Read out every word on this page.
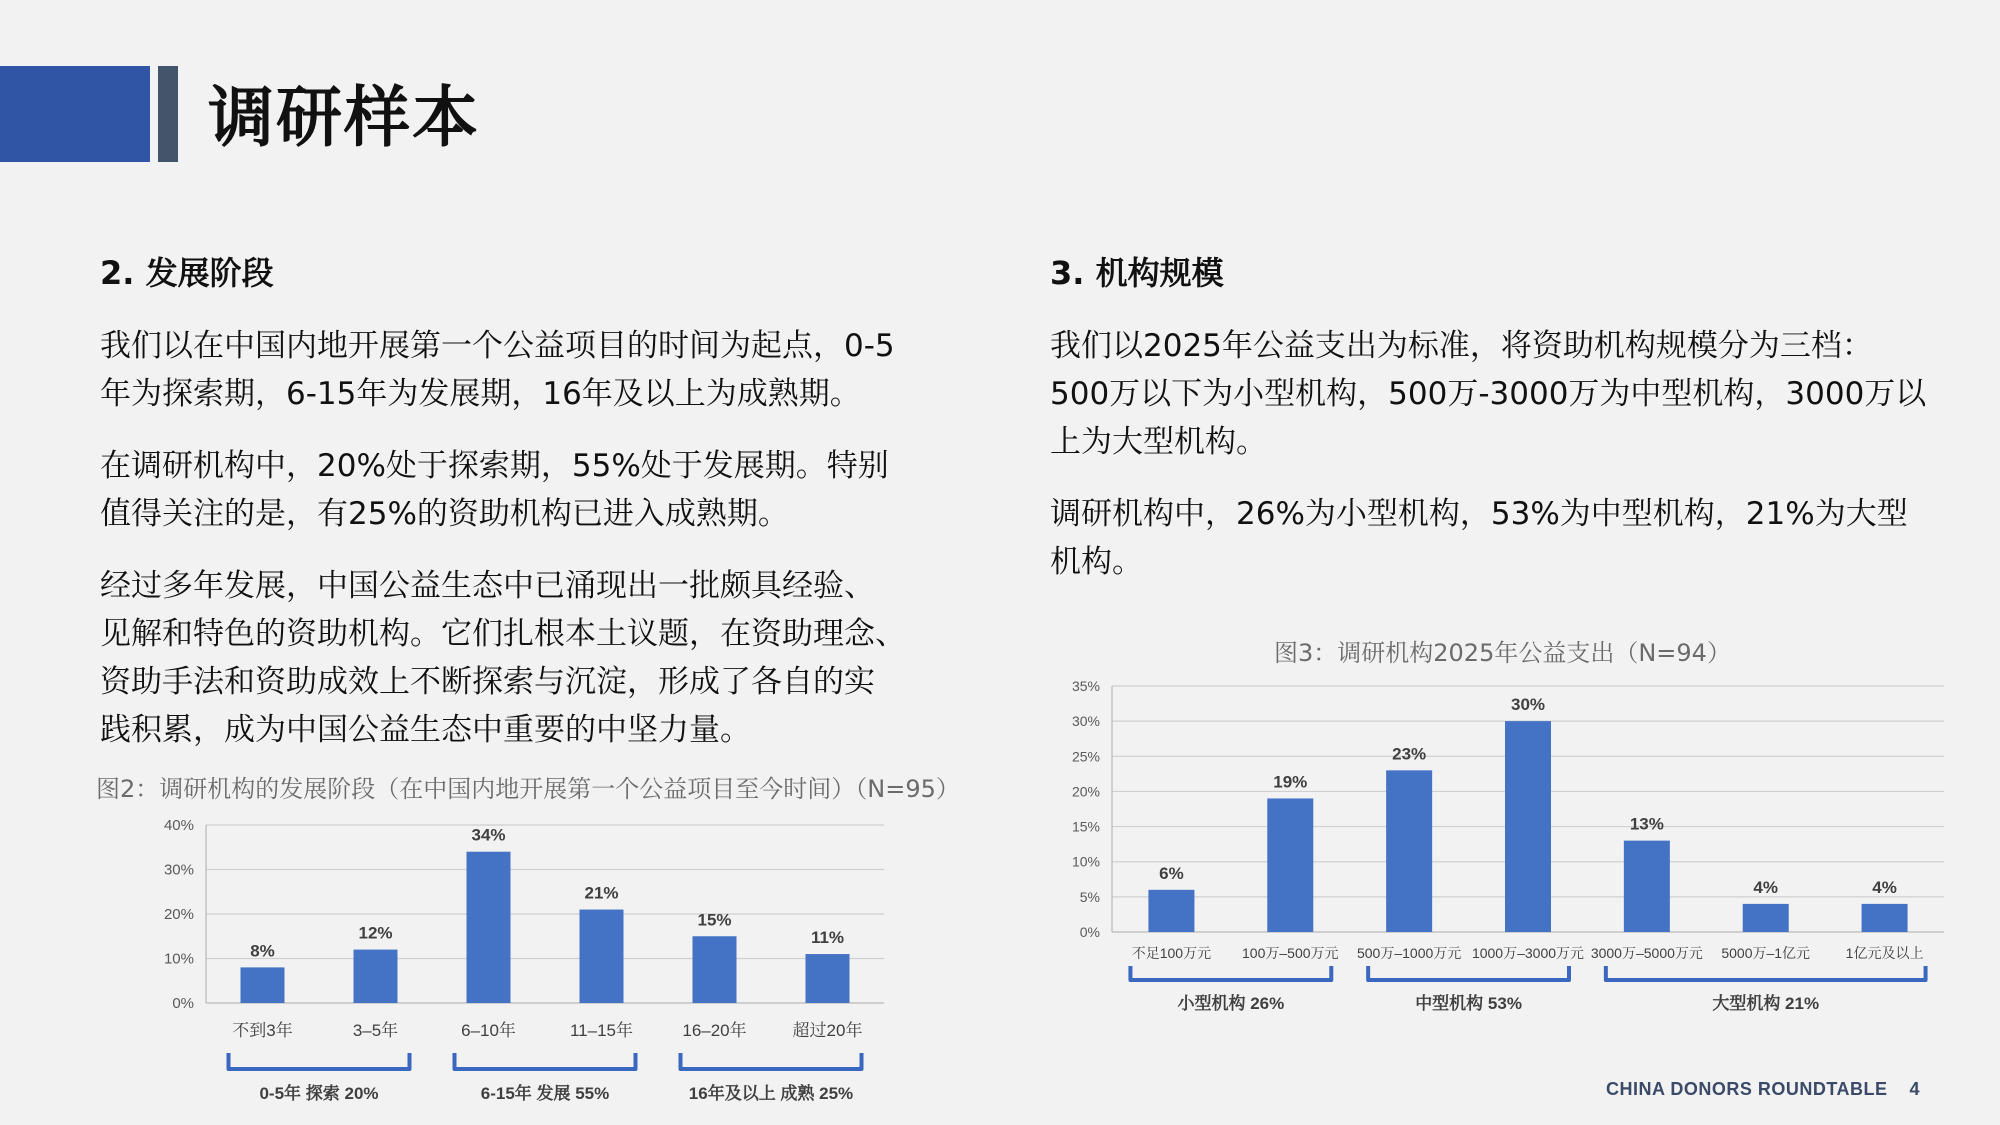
调研样本
2. 发展阶段
我们以在中国内地开展第一个公益项目的时间为起点，0-5
年为探索期，6-15年为发展期，16年及以上为成熟期。
在调研机构中，20%处于探索期，55%处于发展期。特别
值得关注的是，有25%的资助机构已进入成熟期。
经过多年发展，中国公益生态中已涌现出一批颇具经验、
见解和特色的资助机构。它们扎根本土议题，在资助理念、
资助手法和资助成效上不断探索与沉淀，形成了各自的实
践积累，成为中国公益生态中重要的中坚力量。
3. 机构规模
我们以2025年公益支出为标准，将资助机构规模分为三档：
500万以下为小型机构，500万-3000万为中型机构，3000万以
上为大型机构。
调研机构中，26%为小型机构，53%为中型机构，21%为大型
机构。
图2：调研机构的发展阶段（在中国内地开展第一个公益项目至今时间）（N=95）
图3：调研机构2025年公益支出（N=94）
0%
10%
20%
30%
40%
8%
不到3年
12%
3–5年
34%
6–10年
21%
11–15年
15%
16–20年
11%
超过20年
0-5年 探索 20%	6-15年 发展 55%	16年及以上 成熟 25%
0%
5%
10%
15%
20%
25%
30%
35%
6%
不足100万元
19%
100万–500万元
23%
500万–1000万元
30%
1000万–3000万元
13%
3000万–5000万元
4%
5000万–1亿元
4%
1亿元及以上
小型机构 26%	中型机构 53%	大型机构 21%
CHINA DONORS ROUNDTABLE 4
